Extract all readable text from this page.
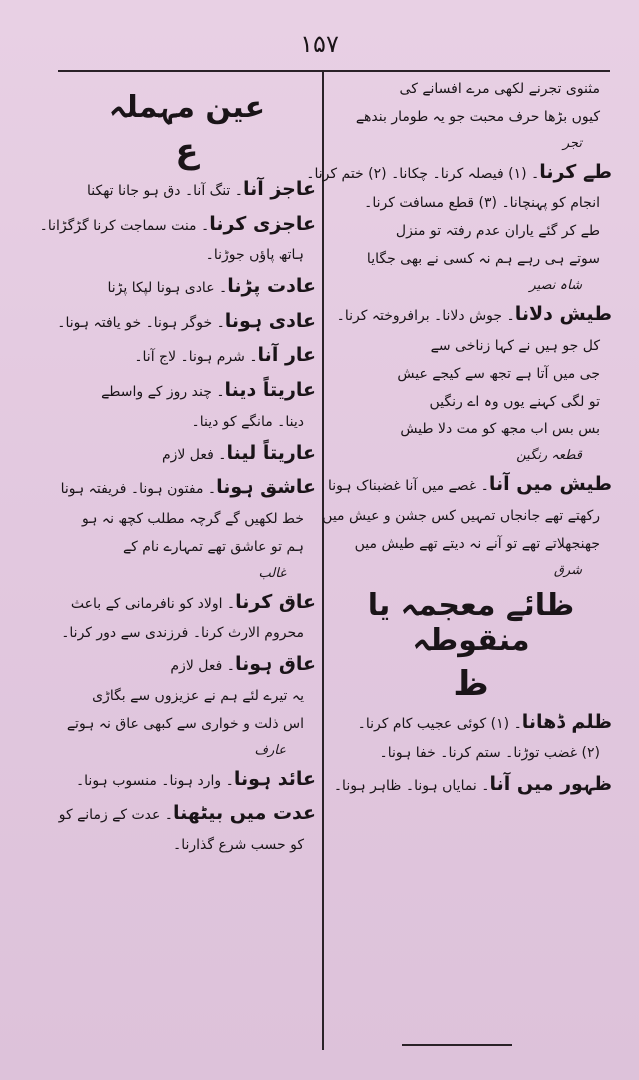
۱۵۷
مثنوی تجرنے لکھی مرے افسانے کی
کیوں بڑھا حرف محبت جو یہ طومار بندھے
تجر
طے کرنا۔ (۱) فیصلہ کرنا۔ چکانا۔ (۲) ختم کرنا۔
انجام کو پہنچانا۔ (۳) قطع مسافت کرنا۔
طے کر گئے یاران عدم رفتہ تو منزل
سوتے ہی رہے ہم نہ کسی نے بھی جگایا
شاہ نصیر
طیش دلانا۔ جوش دلانا۔ برافروختہ کرنا۔
کل جو ہیں نے کہا زناخی سے
جی میں آتا ہے تجھ سے کیجے عیش
تو لگی کہنے یوں وہ اے رنگیں
بس بس اب مجھ کو مت دلا طیش
قطعہ رنگین
طیش میں آنا۔ غصے میں آنا غضبناک ہونا
رکھتے تھے جانجاں تمہیں کس جشن و عیش میں
جھنجھلاتے تھے تو آنے نہ دیتے تھے طیش میں
شرق
ظائے معجمہ یا منقوطہ
ظ
ظلم ڈھانا۔ (۱) کوئی عجیب کام کرنا۔
(۲) غضب توڑنا۔ ستم کرنا۔ خفا ہونا۔
ظہور میں آنا۔ نمایاں ہونا۔ ظاہر ہونا۔
عین مہملہ
ع
عاجز آنا۔ تنگ آنا۔ دق ہو جانا تھکنا
عاجزی کرنا۔ منت سماجت کرنا گڑگڑانا۔
ہاتھ پاؤں جوڑنا۔
عادت پڑنا۔ عادی ہونا لپکا پڑنا
عادی ہونا۔ خوگر ہونا۔ خو یافتہ ہونا۔
عار آنا۔ شرم ہونا۔ لاج آنا۔
عاریتاً دینا۔ چند روز کے واسطے
دینا۔ مانگے کو دینا۔
عاریتاً لینا۔ فعل لازم
عاشق ہونا۔ مفتون ہونا۔ فریفتہ ہونا
خط لکھیں گے گرچہ مطلب کچھ نہ ہو
ہم تو عاشق تھے تمہارے نام کے
غالب
عاق کرنا۔ اولاد کو نافرمانی کے باعث
محروم الارث کرنا۔ فرزندی سے دور کرنا۔
عاق ہونا۔ فعل لازم
یہ تیرے لئے ہم نے عزیزوں سے بگاڑی
اس ذلت و خواری سے کبھی عاق نہ ہوتے
عارف
عائد ہونا۔ وارد ہونا۔ منسوب ہونا۔
عدت میں بیٹھنا۔ عدت کے زمانے کو
کو حسب شرع گذارنا۔
